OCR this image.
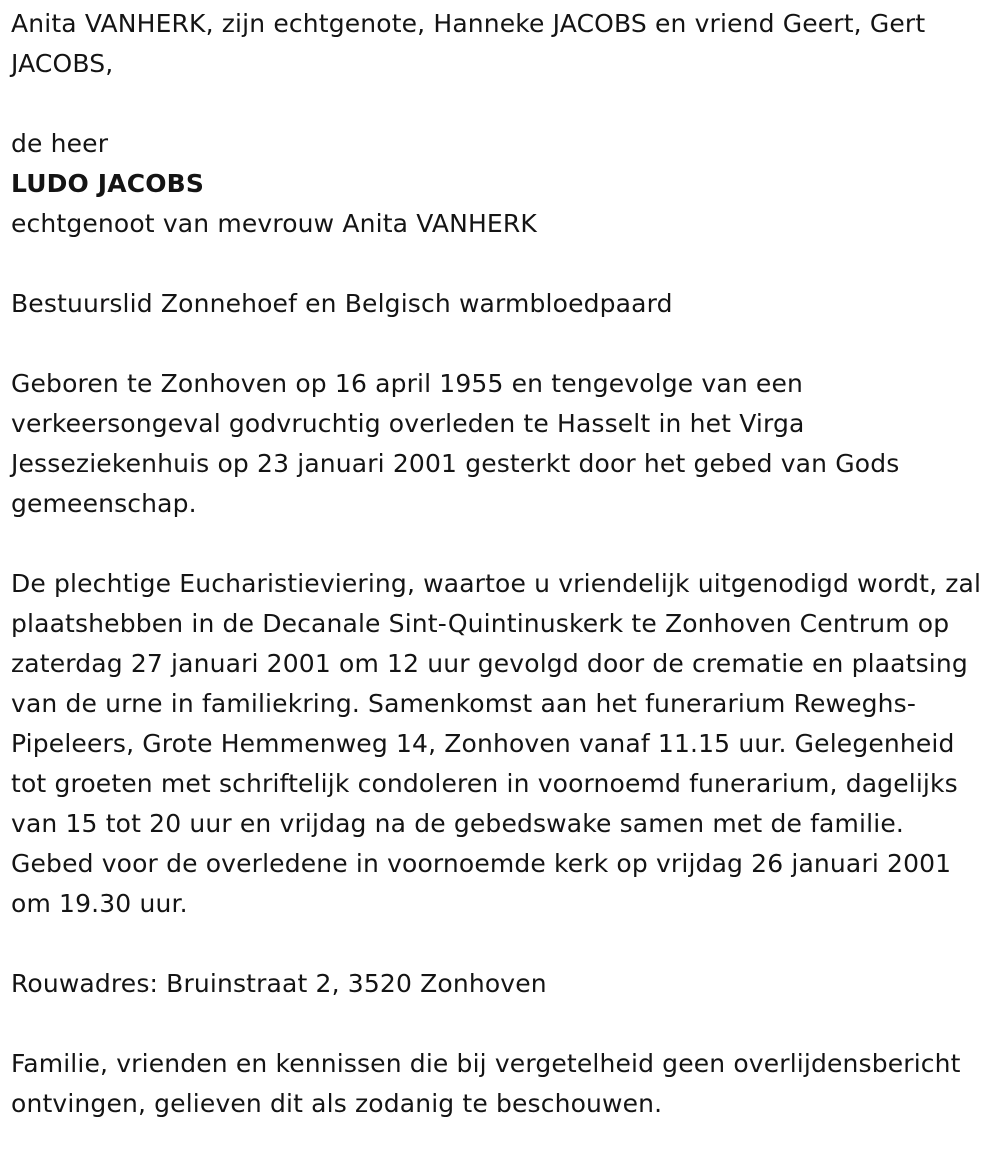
Anita VANHERK, zijn echtgenote, Hanneke JACOBS en vriend Geert, Gert JACOBS,

de heer

LUDO JACOBS

echtgenoot van mevrouw Anita VANHERK

Bestuurslid Zonnehoef en Belgisch warmbloedpaard

Geboren te Zonhoven op 16 april 1955 en tengevolge van een verkeersongeval godvruchtig overleden te Hasselt in het Virga Jesseziekenhuis op 23 januari 2001 gesterkt door het gebed van Gods gemeenschap.

De plechtige Eucharistieviering, waartoe u vriendelijk uitgenodigd wordt, zal plaatshebben in de Decanale Sint-Quintinuskerk te Zonhoven Centrum op zaterdag 27 januari 2001 om 12 uur gevolgd door de crematie en plaatsing van de urne in familiekring. Samenkomst aan het funerarium Reweghs-Pipeleers, Grote Hemmenweg 14, Zonhoven vanaf 11.15 uur. Gelegenheid tot groeten met schriftelijk condoleren in voornoemd funerarium, dagelijks van 15 tot 20 uur en vrijdag na de gebedswake samen met de familie. Gebed voor de overledene in voornoemde kerk op vrijdag 26 januari 2001 om 19.30 uur.

Rouwadres: Bruinstraat 2, 3520 Zonhoven

Familie, vrienden en kennissen die bij vergetelheid geen overlijdensbericht ontvingen, gelieven dit als zodanig te beschouwen.
